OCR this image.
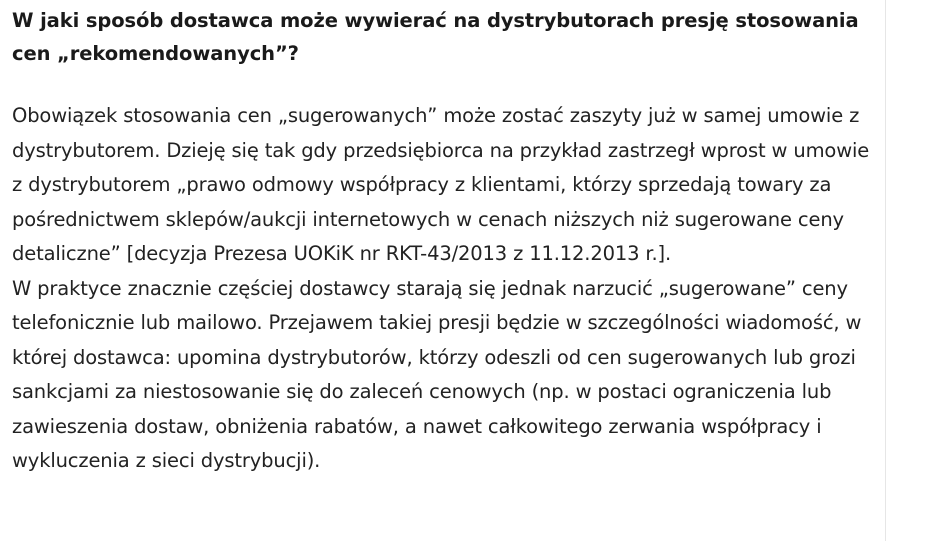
W jaki sposób dostawca może wywierać na dystrybutorach presję stosowania cen „rekomendowanych”?

Obowiązek stosowania cen „sugerowanych” może zostać zaszyty już w samej umowie z dystrybutorem. Dzieję się tak gdy przedsiębiorca na przykład zastrzegł wprost w umowie z dystrybutorem „prawo odmowy współpracy z klientami, którzy sprzedają towary za pośrednictwem sklepów/aukcji internetowych w cenach niższych niż sugerowane ceny detaliczne” [decyzja Prezesa UOKiK nr RKT-43/2013 z 11.12.2013 r.].

W praktyce znacznie częściej dostawcy starają się jednak narzucić „sugerowane” ceny telefonicznie lub mailowo. Przejawem takiej presji będzie w szczególności wiadomość, w której dostawca: upomina dystrybutorów, którzy odeszli od cen sugerowanych lub grozi sankcjami za niestosowanie się do zaleceń cenowych (np. w postaci ograniczenia lub zawieszenia dostaw, obniżenia rabatów, a nawet całkowitego zerwania współpracy i wykluczenia z sieci dystrybucji).
